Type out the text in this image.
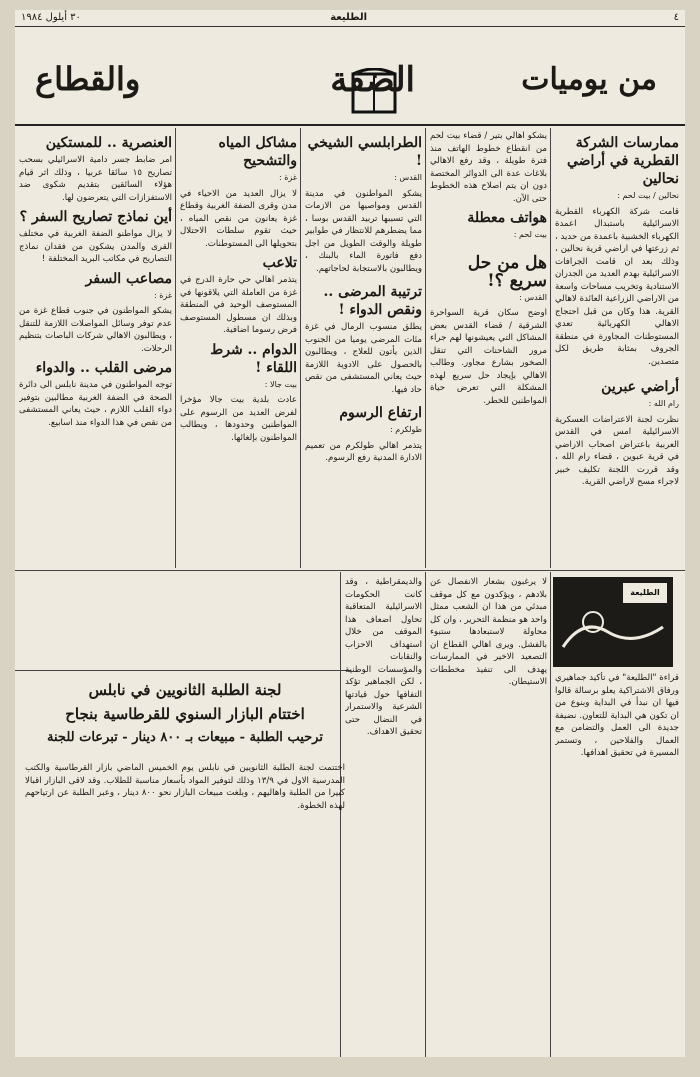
٤
الطليعة
٣٠ أيلول ١٩٨٤
من يوميات
الضفة
والقطاع
ممارسات الشركة القطرية في أراضي نحالين
نحالين / بيت لحم :

قامت شركة الكهرباء القطرية الاسرائيلية باستبدال اعمدة الكهرباء الخشبية باعمدة من حديد ، ثم زرعتها في اراضي قرية نحالين ، وذلك بعد ان قامت الجرافات الاسرائيلية بهدم العديد من الجدران الاستنادية وتخريب مساحات واسعة من الاراضي الزراعية العائدة لاهالي القرية. هذا وكان من قبل احتجاج الاهالي الكهربائية تعدي المستوطنات المجاورة في منطقة الجروف بمثابة طريق لكل متصدين.

أراضي عبرين
رام الله :

نظرت لجنة الاعتراضات العسكرية الاسرائيلية امس في القدس العربية باعتراض اصحاب الاراضي في قرية عبوين ، قضاء رام الله ، وقد قررت اللجنة تكليف خبير لاجراء مسح لاراضي القرية.

يشكو اهالي بتير / قضاء بيت لحم من انقطاع خطوط الهاتف منذ فترة طويلة ، وقد رفع الاهالي بلاغات عدة الى الدوائر المختصة دون ان يتم اصلاح هذه الخطوط حتى الآن.

هواتف معطلة
بيت لحم :
هل من حل سريع ؟!
القدس :

اوضح سكان قرية السواحرة الشرقية / قضاء القدس بعض المشاكل التي يعيشونها لهم جراء مرور الشاحنات التي تنقل الصخور بشارع مجاور. وطالب الاهالي بإيجاد حل سريع لهذه المشكلة التي تعرض حياة المواطنين للخطر.

الطرابلسي الشيخي !
القدس :

يشكو المواطنون في مدينة القدس ومواصيها من الازمات التي تسببها تربيد القدس بوسا ، مما يضطرهم للانتظار في طوابير طويلة والوقت الطويل من اجل دفع فاتورة الماء بالبنك ، ويطالبون بالاستجابة لحاجاتهم.

ترتيبة المرضى .. ونقص الدواء !

يطلق منسوب الرمال في غزة مئات المرضى يوميا من الجنوب الذين يأتون للعلاج ، ويطالبون بالحصول على الادوية اللازمة حيث يعاني المستشفى من نقص حاد فيها.

ارتفاع الرسوم
طولكرم :

يتذمر اهالي طولكرم من تعميم الادارة المدنية رفع الرسوم.

مشاكل المياه والتشحيح
غزة :

لا يزال العديد من الاحياء في مدن وقرى الضفة الغربية وقطاع غزة يعانون من نقص المياه ، حيث تقوم سلطات الاحتلال بتحويلها الى المستوطنات.

تلاعب

يتذمر اهالي حي حارة الدرج في غزة من العاملة التي يلاقونها في المستوصف الوحيد في المنطقة وبذلك ان مسطول المستوصف فرض رسوما اضافية.

الدوام .. شرط اللقاء !
بيت جالا :

عادت بلدية بيت جالا مؤخرا لفرض العديد من الرسوم على المواطنين وحدودها ، ويطالب المواطنون بإلغائها.

العنصرية .. للمستكين

امر ضابط جسر دامية الاسرائيلي بسحب تصاريح ١٥ سائقا عربيا ، وذلك اثر قيام هؤلاء السائقين بتقديم شكوى ضد الاستفزازات التي يتعرضون لها.

أين نماذج تصاريح السفر ؟

لا يزال مواطنو الضفة الغربية في مختلف القرى والمدن يشكون من فقدان نماذج التصاريح في مكاتب البريد المختلفة !

مصاعب السفر
غزة :

يشكو المواطنون في جنوب قطاع غزة من عدم توفر وسائل المواصلات اللازمة للتنقل ، ويطالبون الاهالي شركات الباصات بتنظيم الرحلات.

مرضى القلب .. والدواء

توجه المواطنون في مدينة نابلس الى دائرة الصحة في الضفة الغربية مطالبين بتوفير دواء القلب اللازم ، حيث يعاني المستشفى من نقص في هذا الدواء منذ اسابيع.

الطليعة

قراءة "الطليعة" في تأكيد جماهيري ورفاق الاشتراكية يعلو برسالة قالوا فيها ان نبدأ في البداية وبنوع من ان تكون هي البداية للتعاون. نضيفة جديدة الى العمل والتضامن مع العمال والفلاحين ، وتستمر المسيرة في تحقيق اهدافها.

لا يرغبون بشعار الانفصال عن بلادهم ، ويؤكدون مع كل موقف مبدئي من هذا ان الشعب ممثل واحد هو منظمة التحرير ، وان كل محاولة لاستبعادها ستبوء بالفشل. ويرى اهالي القطاع ان التصعيد الاخير في الممارسات يهدف الى تنفيذ مخططات الاستيطان.

والديمقراطية ، وقد كانت الحكومات الاسرائيلية المتعاقبة تحاول اضعاف هذا الموقف من خلال استهداف الاحزاب والنقابات والمؤسسات الوطنية ، لكن الجماهير تؤكد التفافها حول قيادتها الشرعية والاستمرار في النضال حتى تحقيق الاهداف.

لجنة الطلبة الثانويين في نابلس
اختتام البازار السنوي للقرطاسية بنجاح
ترحيب الطلبة - مبيعات بـ ٨٠٠ دينار - تبرعات للجنة

اختتمت لجنة الطلبة الثانويين في نابلس يوم الخميس الماضي بازار القرطاسية والكتب المدرسية الاول في ١٣/٩ وذلك لتوفير المواد بأسعار مناسبة للطلاب. وقد لاقى البازار اقبالا كبيرا من الطلبة واهاليهم ، وبلغت مبيعات البازار نحو ٨٠٠ دينار ، وعبر الطلبة عن ارتياحهم لهذه الخطوة.
